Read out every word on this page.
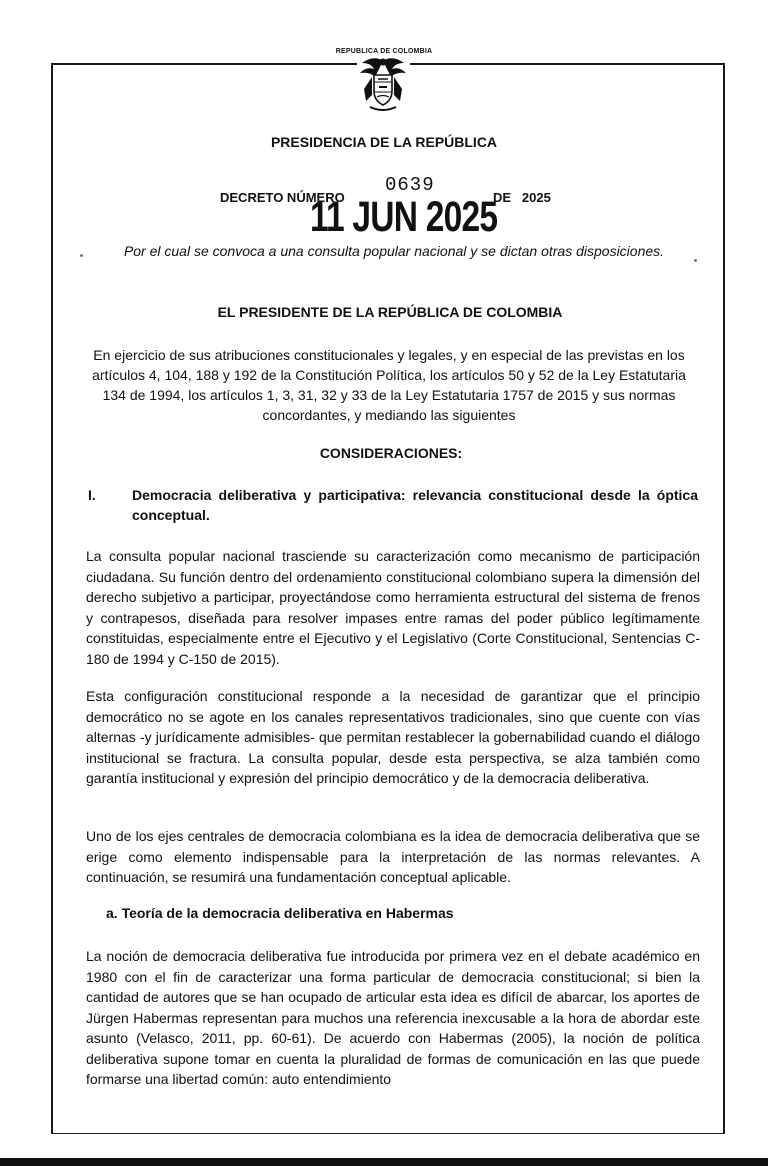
REPUBLICA DE COLOMBIA
PRESIDENCIA DE LA REPÚBLICA
DECRETO NÚMERO
0639
DE 2025
11 JUN 2025
Por el cual se convoca a una consulta popular nacional y se dictan otras disposiciones.
EL PRESIDENTE DE LA REPÚBLICA DE COLOMBIA
En ejercicio de sus atribuciones constitucionales y legales, y en especial de las previstas en los artículos 4, 104, 188 y 192 de la Constitución Política, los artículos 50 y 52 de la Ley Estatutaria 134 de 1994, los artículos 1, 3, 31, 32 y 33 de la Ley Estatutaria 1757 de 2015 y sus normas concordantes, y mediando las siguientes
CONSIDERACIONES:
I.	Democracia deliberativa y participativa: relevancia constitucional desde la óptica conceptual.

La consulta popular nacional trasciende su caracterización como mecanismo de participación ciudadana. Su función dentro del ordenamiento constitucional colombiano supera la dimensión del derecho subjetivo a participar, proyectándose como herramienta estructural del sistema de frenos y contrapesos, diseñada para resolver impases entre ramas del poder público legítimamente constituidas, especialmente entre el Ejecutivo y el Legislativo (Corte Constitucional, Sentencias C-180 de 1994 y C-150 de 2015).

Esta configuración constitucional responde a la necesidad de garantizar que el principio democrático no se agote en los canales representativos tradicionales, sino que cuente con vías alternas -y jurídicamente admisibles- que permitan restablecer la gobernabilidad cuando el diálogo institucional se fractura. La consulta popular, desde esta perspectiva, se alza también como garantía institucional y expresión del principio democrático y de la democracia deliberativa.

Uno de los ejes centrales de democracia colombiana es la idea de democracia deliberativa que se erige como elemento indispensable para la interpretación de las normas relevantes. A continuación, se resumirá una fundamentación conceptual aplicable.

a. Teoría de la democracia deliberativa en Habermas

La noción de democracia deliberativa fue introducida por primera vez en el debate académico en 1980 con el fin de caracterizar una forma particular de democracia constitucional; si bien la cantidad de autores que se han ocupado de articular esta idea es difícil de abarcar, los aportes de Jürgen Habermas representan para muchos una referencia inexcusable a la hora de abordar este asunto (Velasco, 2011, pp. 60-61). De acuerdo con Habermas (2005), la noción de política deliberativa supone tomar en cuenta la pluralidad de formas de comunicación en las que puede formarse una libertad común: auto entendimiento
